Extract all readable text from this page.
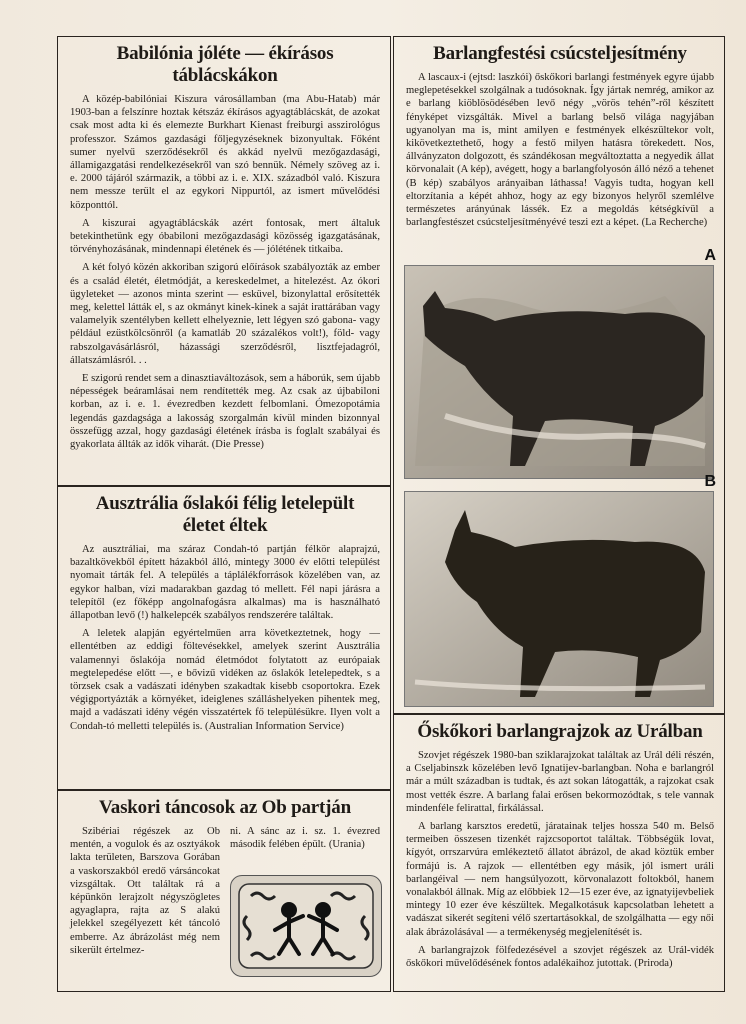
Babilónia jóléte — ékírásos táblácskákon

A közép-babilóniai Kiszura városállamban (ma Abu-Hatab) már 1903-ban a felszínre hoztak kétszáz ékírásos agyagtáblácskát, de azokat csak most adta ki és elemezte Burkhart Kienast freiburgi asszirológus professzor. Számos gazdasági főljegyzéseknek bizonyultak. Főként sumer nyelvű szerződésekről és akkád nyelvű mezőgazdasági, államigazgatási rendelkezésekről van szó bennük. Némely szöveg az i. e. 2000 tájáról származik, a többi az i. e. XIX. századból való. Kiszura nem messze terült el az egykori Nippurtól, az ismert művelődési központtól.

A kiszurai agyagtáblácskák azért fontosak, mert általuk betekinthetünk egy óbabiloni mezőgazdasági közösség igazgatásának, törvényhozásának, mindennapi életének és — jólétének titkaiba.

A két folyó közén akkoriban szigorú előírások szabályozták az ember és a család életét, életmódját, a kereskedelmet, a hitelezést. Az ókori ügyleteket — azonos minta szerint — esküvel, bizonylattal erősítették meg, kelettel látták el, s az okmányt kinek-kinek a saját irattárában vagy valamelyik szentélyben kellett elhelyeznie, lett légyen szó gabona- vagy például ezüstkölcsönről (a kamatláb 20 százalékos volt!), föld- vagy rabszolgavásárlásról, házassági szerződésről, lisztfejadagról, állatszámlásról. . .

E szigorú rendet sem a dinasztiaváltozások, sem a háborúk, sem újabb népességek beáramlásai nem rendítették meg. Az csak az újbabiloni korban, az i. e. 1. évezredben kezdett felbomlani. Ómezopotámia legendás gazdagsága a lakosság szorgalmán kívül minden bizonnyal összefügg azzal, hogy gazdasági életének írásba is foglalt szabályai és gyakorlata állták az idők viharát. (Die Presse)

Ausztrália őslakói félig letelepült életet éltek

Az ausztráliai, ma száraz Condah-tó partján félkör alaprajzú, bazaltkövekből épített házakból álló, mintegy 3000 év előtti települést nyomait tárták fel. A település a táplálékforrások közelében van, az egykor halban, vízi madarakban gazdag tó mellett. Fél napi járásra a telepítől (ez főképp angolnafogásra alkalmas) ma is használható állapotban levő (!) halkelepcék szabályos rendszerére találtak.

A leletek alapján egyértelműen arra következtetnek, hogy — ellentétben az eddigi föltevésekkel, amelyek szerint Ausztrália valamennyi őslakója nomád életmódot folytatott az európaiak megtelepedése előtt —, e bővizű vidéken az őslakók letelepedtek, s a törzsek csak a vadászati idényben szakadtak kisebb csoportokra. Ezek végigportyázták a környéket, ideiglenes szálláshelyeken pihentek meg, majd a vadászati idény végén visszatértek fő településükre. Ilyen volt a Condah-tó melletti település is. (Australian Information Service)

Vaskori táncosok az Ob partján

Szibériai régészek az Ob mentén, a vogulok és az osztyákok lakta területen, Barszova Gorában a vaskorszakból eredő vársáncokat vizsgáltak. Ott találtak rá a képünkön lerajzolt négyszögletes agyaglapra, rajta az S alakú jelekkel szegélyezett két táncoló emberre. Az ábrázolást még nem sikerült értelmez-

ni. A sánc az i. sz. 1. évezred második felében épült. (Urania)

Barlangfestési csúcsteljesítmény

A lascaux-i (ejtsd: laszkói) őskőkori barlangi festmények egyre újabb meglepetésekkel szolgálnak a tudósoknak. Így jártak nemrég, amikor az e barlang kiöblösödésében levő négy „vörös tehén”-ről készített fényképet vizsgálták. Mivel a barlang belső világa nagyjában ugyanolyan ma is, mint amilyen e festmények elkészültekor volt, kikövetkeztethető, hogy a festő milyen hatásra törekedett. Nos, állványzaton dolgozott, és szándékosan megváltoztatta a negyedik állat körvonalait (A kép), avégett, hogy a barlangfolyosón álló néző a tehenet (B kép) szabályos arányaiban láthassa! Vagyis tudta, hogyan kell eltorzítania a képét ahhoz, hogy az egy bizonyos helyről szemlélve természetes arányúnak lássék. Ez a megoldás kétségkívül a barlangfestészet csúcsteljesítményévé teszi ezt a képet. (La Recherche)

A
B
Őskőkori barlangrajzok az Urálban

Szovjet régészek 1980-ban sziklarajzokat találtak az Urál déli részén, a Cseljabinszk közelében levő Ignatijev-barlangban. Noha e barlangról már a múlt században is tudtak, és azt sokan látogatták, a rajzokat csak most vették észre. A barlang falai erősen bekormozódtak, s tele vannak mindenféle felirattal, firkálással.

A barlang karsztos eredetű, járatainak teljes hossza 540 m. Belső termeiben összesen tizenkét rajzcsoportot találtak. Többségük lovat, kígyót, orrszarvúra emlékeztető állatot ábrázol, de akad köztük ember formájú is. A rajzok — ellentétben egy másik, jól ismert uráli barlangéival — nem hangsúlyozott, körvonalazott foltokból, hanem vonalakból állnak. Míg az előbbiek 12—15 ezer éve, az ignatyijevbeliek mintegy 10 ezer éve készültek. Megalkotásuk kapcsolatban lehetett a vadászat sikerét segíteni vélő szertartásokkal, de szolgálhatta — egy női alak ábrázolásával — a termékenység megjelenítését is.

A barlangrajzok fölfedezésével a szovjet régészek az Urál-vidék őskőkori művelődésének fontos adalékaihoz jutottak. (Priroda)
